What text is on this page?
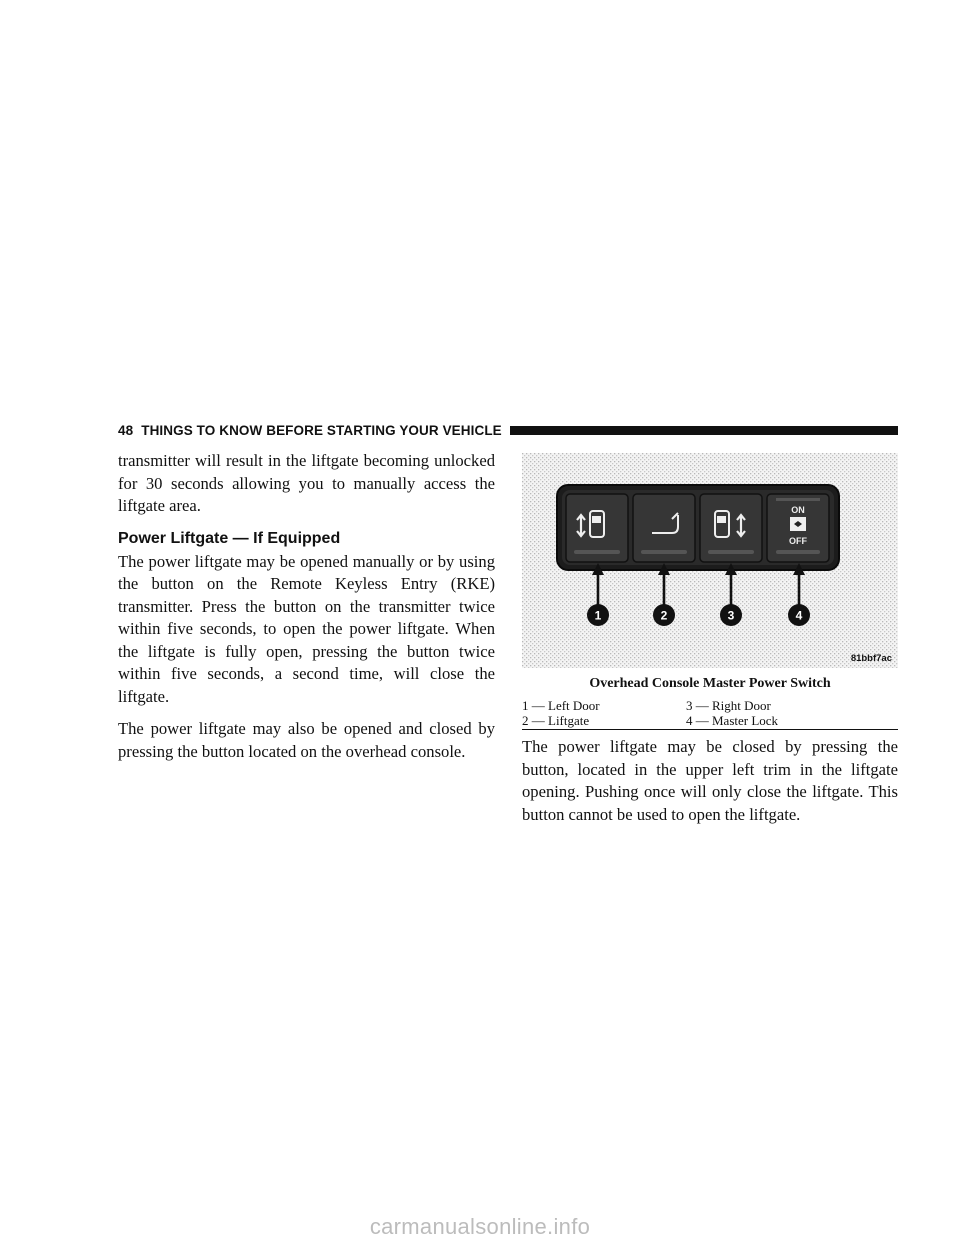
48 THINGS TO KNOW BEFORE STARTING YOUR VEHICLE

transmitter will result in the liftgate becoming unlocked for 30 seconds allowing you to manually access the liftgate area.

Power Liftgate — If Equipped

The power liftgate may be opened manually or by using the button on the Remote Keyless Entry (RKE) transmitter. Press the button on the transmitter twice within five seconds, to open the power liftgate. When the liftgate is fully open, pressing the button twice within five seconds, a second time, will close the liftgate.

The power liftgate may also be opened and closed by pressing the button located on the overhead console.

ON
OFF
1	2	3	4
81bbf7ac
Overhead Console Master Power Switch
1 — Left Door	3 — Right Door
2 — Liftgate	4 — Master Lock

The power liftgate may be closed by pressing the button, located in the upper left trim in the liftgate opening. Pushing once will only close the liftgate. This button cannot be used to open the liftgate.

carmanualsonline.info
